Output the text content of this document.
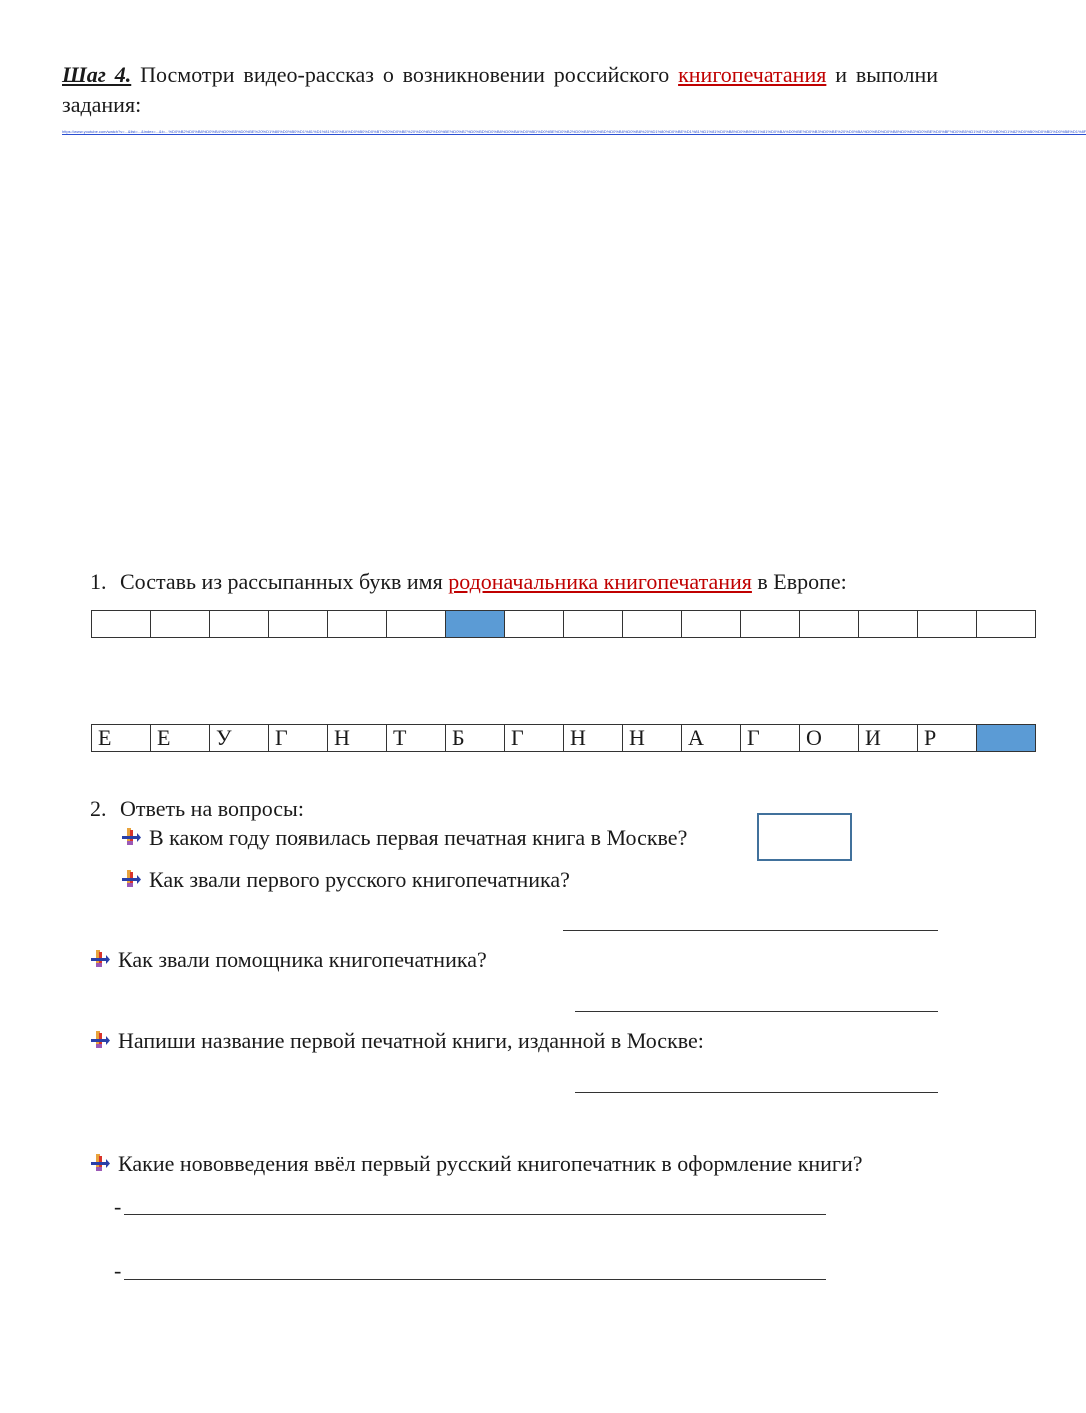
Шаг 4. Посмотри видео-рассказ о возникновении российского книгопечатания и выполни задания:
https://www.youtube.com/watch?v=...&list=...&index=...&t=...%D0%B2%D0%B8%D0%B4%D0%B5%D0%BE%20%D1%80%D0%B0%D1%81%D1%81%D0%BA%D0%B0%D0%B7%20%D0%BE%20%D0%B2%D0%BE%D0%B7%D0%BD%D0%B8%D0%BA%D0%BD%D0%BE%D0%B2%D0%B5%D0%BD%D0%B8%D0%B8%20%D1%80%D0%BE%D1%81%D1%81%D0%B8%D0%B9%D1%81%D0%BA%D0%BE%D0%B3%D0%BE%20%D0%BA%D0%BD%D0%B8%D0%B3%D0%BE%D0%BF%D0%B5%D1%87%D0%B0%D1%82%D0%B0%D0%BD%D0%B8%D1%8F
1. Составь из рассыпанных букв имя родоначальника книгопечатания в Европе:

Е	Е	У	Г	Н	Т	Б	Г	Н	Н	А	Г	О	И	Р	
2. Ответь на вопросы:
В каком году появилась первая печатная книга в Москве?
Как звали первого русского книгопечатника?
Как звали помощника книгопечатника?
Напиши название первой печатной книги, изданной в Москве:
Какие нововведения ввёл первый русский книгопечатник в оформление книги?
-
-
